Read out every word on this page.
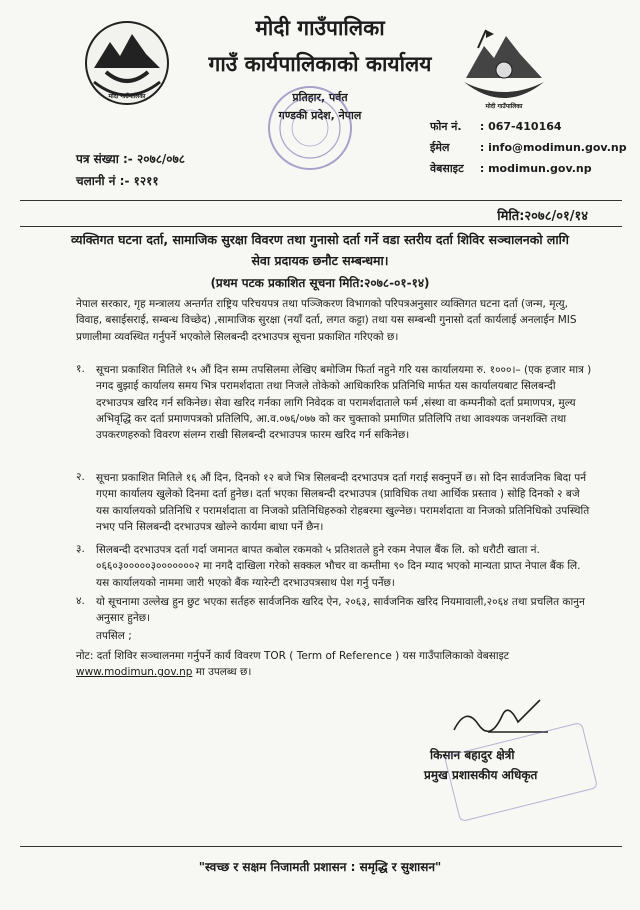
मोदी गाउँपालिका
मोदी गाउँपालिका
मोदी गाउँपालिका
गाउँ कार्यपालिकाको कार्यालय
प्रतिहार, पर्वत
गण्डकी प्रदेश, नेपाल
पत्र संख्या :- २०७८/०७८
चलानी नं :- १२११
फोन नं. : 067-410164
ईमेल	: info@modimun.gov.np
वेबसाइट : modimun.gov.np
मिति:२०७८/०१/१४
व्यक्तिगत घटना दर्ता, सामाजिक सुरक्षा विवरण तथा गुनासो दर्ता गर्ने वडा स्तरीय दर्ता शिविर सञ्चालनको लागि सेवा प्रदायक छनौट सम्बन्धमा।
(प्रथम पटक प्रकाशित सूचना मिति:२०७८-०१-१४)
नेपाल सरकार, गृह मन्त्रालय अन्तर्गत राष्ट्रिय परिचयपत्र तथा पञ्जिकरण विभागको परिपत्रअनुसार व्यक्तिगत घटना दर्ता (जन्म, मृत्यु, विवाह, बसाईसराई, सम्बन्ध विच्छेद) ,सामाजिक सुरक्षा (नयाँ दर्ता, लगत कट्टा) तथा यस सम्बन्धी गुनासो दर्ता कार्यलाई अनलाईन MIS प्रणालीमा व्यवस्थित गर्नुपर्ने भएकोले सिलबन्दी दरभाउपत्र सूचना प्रकाशित गरिएको छ।
१. सूचना प्रकाशित मितिले १५ औं दिन सम्म तपसिलमा लेखिए बमोजिम फिर्ता नहुने गरि यस कार्यालयमा रु. १०००।– (एक हजार मात्र ) नगद बुझाई कार्यालय समय भित्र परामर्शदाता तथा निजले तोकेको आधिकारिक प्रतिनिधि मार्फत यस कार्यालयबाट सिलबन्दी दरभाउपत्र खरिद गर्न सकिनेछ। सेवा खरिद गर्नका लागि निवेदक वा परामर्शदाताले फर्म ,संस्था वा कम्पनीको दर्ता प्रमाणपत्र, मुल्य अभिवृद्धि कर दर्ता प्रमाणपत्रको प्रतिलिपि, आ.व.०७६/०७७ को कर चुक्ताको प्रमाणित प्रतिलिपि तथा आवश्यक जनशक्ति तथा उपकरणहरुको विवरण संलग्न राखी सिलबन्दी दरभाउपत्र फारम खरिद गर्न सकिनेछ।
२. सूचना प्रकाशित मितिले १६ औं दिन, दिनको १२ बजे भित्र सिलबन्दी दरभाउपत्र दर्ता गराई सक्नुपर्ने छ। सो दिन सार्वजनिक बिदा पर्न गएमा कार्यालय खुलेको दिनमा दर्ता हुनेछ। दर्ता भएका सिलबन्दी दरभाउपत्र (प्राविधिक तथा आर्थिक प्रस्ताव ) सोहि दिनको २ बजे यस कार्यालयको प्रतिनिधि र परामर्शदाता वा निजको प्रतिनिधिहरुको रोहबरमा खुल्नेछ। परामर्शदाता वा निजको प्रतिनिधिको उपस्थिति नभए पनि सिलबन्दी दरभाउपत्र खोल्ने कार्यमा बाधा पर्ने छैन।
३. सिलबन्दी दरभाउपत्र दर्ता गर्दा जमानत बापत कबोल रकमको ५ प्रतिशतले हुने रकम नेपाल बैंक लि. को धरौटी खाता नं. ०६६०३०००००३०००००००२ मा नगदै दाखिला गरेको सक्कल भौचर वा कम्तीमा ९० दिन म्याद भएको मान्यता प्राप्त नेपाल बैंक लि. यस कार्यालयको नाममा जारी भएको बैंक ग्यारेन्टी दरभाउपत्रसाथ पेश गर्नु पर्नेछ।
४. यो सूचनामा उल्लेख हुन छुट भएका सर्तहरु सार्वजनिक खरिद ऐन, २०६३, सार्वजनिक खरिद नियमावाली,२०६४ तथा प्रचलित कानुन अनुसार हुनेछ।
तपसिल ;
नोट: दर्ता शिविर सञ्चालनमा गर्नुपर्ने कार्य विवरण TOR ( Term of Reference ) यस गाउँपालिकाको वेबसाइट
www.modimun.gov.np मा उपलब्ध छ।
किसान बहादुर क्षेत्री
प्रमुख प्रशासकीय अधिकृत
"स्वच्छ र सक्षम निजामती प्रशासन : समृद्धि र सुशासन"
